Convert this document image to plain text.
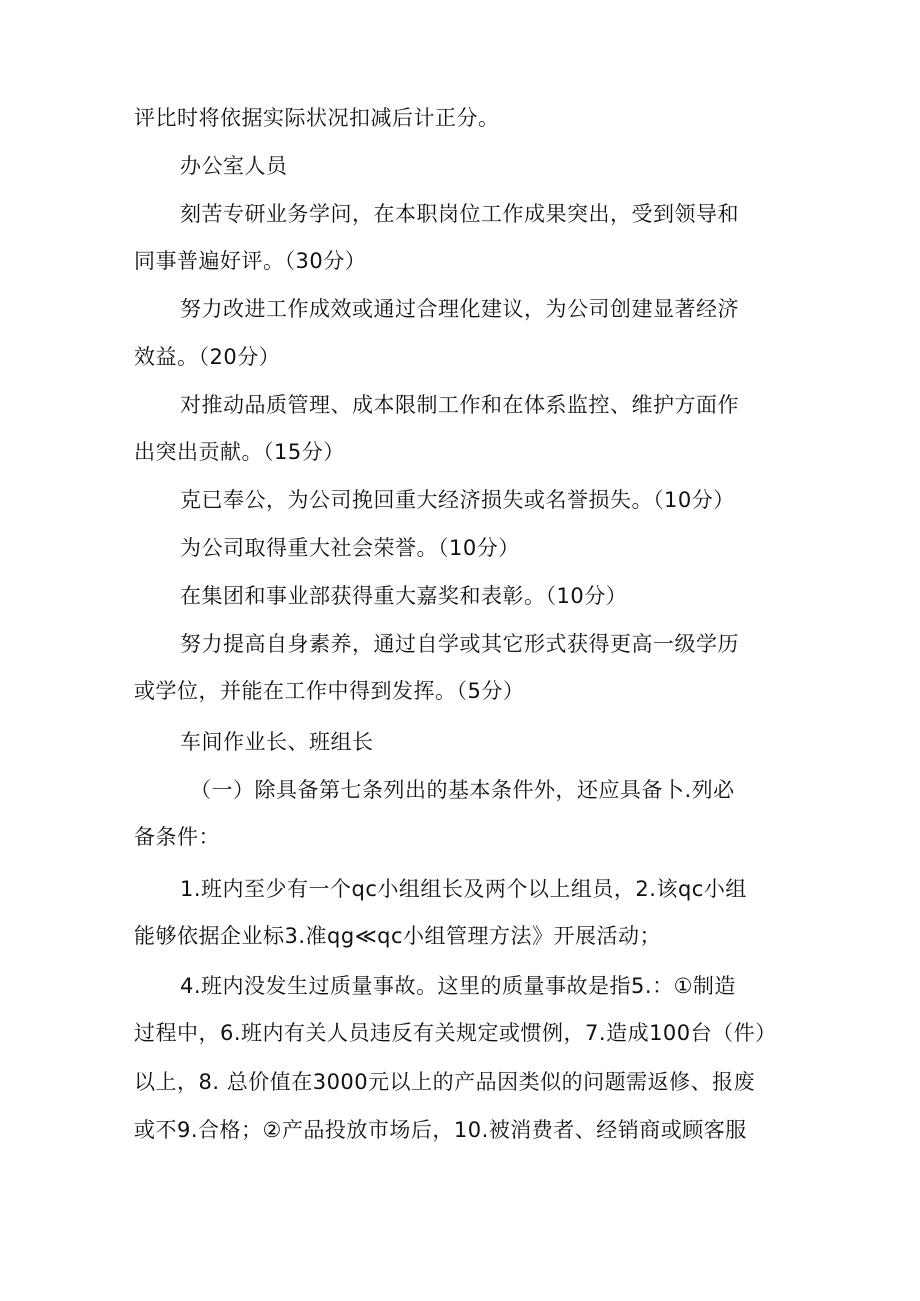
评比时将依据实际状况扣减后计正分。
办公室人员
刻苦专研业务学问，在本职岗位工作成果突出，受到领导和
同事普遍好评。（30分）
努力改进工作成效或通过合理化建议，为公司创建显著经济
效益。（20分）
对推动品质管理、成本限制工作和在体系监控、维护方面作
出突出贡献。（15分）
克已奉公，为公司挽回重大经济损失或名誉损失。（10分）
为公司取得重大社会荣誉。（10分）
在集团和事业部获得重大嘉奖和表彰。（10分）
努力提高自身素养，通过自学或其它形式获得更高一级学历
或学位，并能在工作中得到发挥。（5分）
车间作业长、班组长
（一）除具备第七条列出的基本条件外，还应具备卜.列必
备条件：
1.班内至少有一个qc小组组长及两个以上组员，2.该qc小组
能够依据企业标3.准qg≪qc小组管理方法》开展活动；
4.班内没发生过质量事故。这里的质量事故是指5.：①制造
过程中，6.班内有关人员违反有关规定或惯例，7.造成100台（件）
以上，8. 总价值在3000元以上的产品因类似的问题需返修、报废
或不9.合格；②产品投放市场后，10.被消费者、经销商或顾客服
